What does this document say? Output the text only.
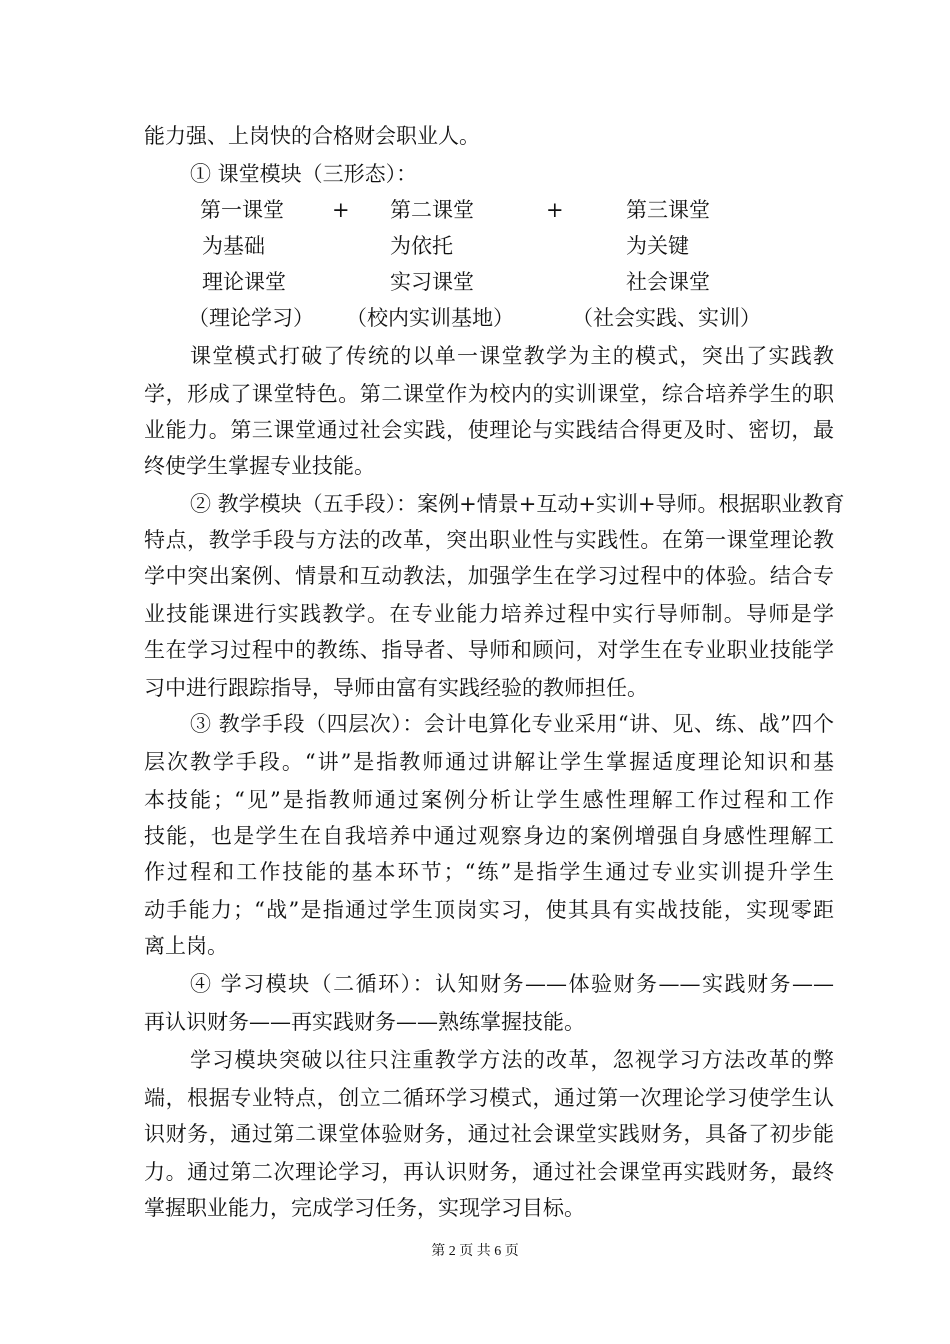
能力强、上岗快的合格财会职业人。
① 课堂模块（三形态）：
第一课堂 + 第二课堂	+	第三课堂
为基础	为依托	为关键
理论课堂	实习课堂	社会课堂
（理论学习） （校内实训基地）	（社会实践、实训）
课堂模式打破了传统的以单一课堂教学为主的模式，突出了实践教
学，形成了课堂特色。第二课堂作为校内的实训课堂，综合培养学生的职
业能力。第三课堂通过社会实践，使理论与实践结合得更及时、密切，最
终使学生掌握专业技能。
② 教学模块（五手段）：案例+情景+互动+实训+导师。根据职业教育
特点，教学手段与方法的改革，突出职业性与实践性。在第一课堂理论教
学中突出案例、情景和互动教法，加强学生在学习过程中的体验。结合专
业技能课进行实践教学。在专业能力培养过程中实行导师制。导师是学
生在学习过程中的教练、指导者、导师和顾问，对学生在专业职业技能学
习中进行跟踪指导，导师由富有实践经验的教师担任。
③ 教学手段（四层次）：会计电算化专业采用“讲、见、练、战”四个
层次教学手段。“讲”是指教师通过讲解让学生掌握适度理论知识和基
本技能；“见”是指教师通过案例分析让学生感性理解工作过程和工作
技能，也是学生在自我培养中通过观察身边的案例增强自身感性理解工
作过程和工作技能的基本环节；“练”是指学生通过专业实训提升学生
动手能力；“战”是指通过学生顶岗实习，使其具有实战技能，实现零距
离上岗。
④ 学习模块（二循环）：认知财务——体验财务——实践财务——
再认识财务——再实践财务——熟练掌握技能。
学习模块突破以往只注重教学方法的改革，忽视学习方法改革的弊
端，根据专业特点，创立二循环学习模式，通过第一次理论学习使学生认
识财务，通过第二课堂体验财务，通过社会课堂实践财务，具备了初步能
力。通过第二次理论学习，再认识财务，通过社会课堂再实践财务，最终
掌握职业能力，完成学习任务，实现学习目标。
第 2 页 共 6 页
